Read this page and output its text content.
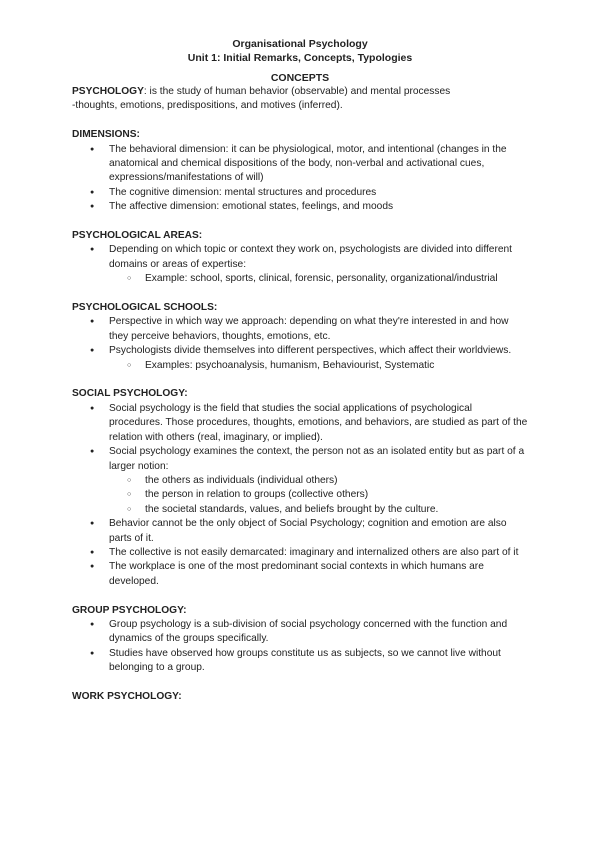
Organisational Psychology
Unit 1: Initial Remarks, Concepts, Typologies
CONCEPTS

PSYCHOLOGY: is the study of human behavior (observable) and mental processes
-thoughts, emotions, predispositions, and motives (inferred).

DIMENSIONS:

● The behavioral dimension: it can be physiological, motor, and intentional (changes in the anatomical and chemical dispositions of the body, non-verbal and activational cues, expressions/manifestations of will)
● The cognitive dimension: mental structures and procedures
● The affective dimension: emotional states, feelings, and moods

PSYCHOLOGICAL AREAS:

● Depending on which topic or context they work on, psychologists are divided into different domains or areas of expertise:
○ Example: school, sports, clinical, forensic, personality, organizational/industrial

PSYCHOLOGICAL SCHOOLS:

● Perspective in which way we approach: depending on what they're interested in and how they perceive behaviors, thoughts, emotions, etc.
● Psychologists divide themselves into different perspectives, which affect their worldviews.
○ Examples: psychoanalysis, humanism, Behaviourist, Systematic

SOCIAL PSYCHOLOGY:

● Social psychology is the field that studies the social applications of psychological procedures. Those procedures, thoughts, emotions, and behaviors, are studied as part of the relation with others (real, imaginary, or implied).
● Social psychology examines the context, the person not as an isolated entity but as part of a larger notion:
○ the others as individuals (individual others)
○ the person in relation to groups (collective others)
○ the societal standards, values, and beliefs brought by the culture.
● Behavior cannot be the only object of Social Psychology; cognition and emotion are also parts of it.
● The collective is not easily demarcated: imaginary and internalized others are also part of it
● The workplace is one of the most predominant social contexts in which humans are developed.

GROUP PSYCHOLOGY:

● Group psychology is a sub-division of social psychology concerned with the function and dynamics of the groups specifically.
● Studies have observed how groups constitute us as subjects, so we cannot live without belonging to a group.

WORK PSYCHOLOGY:
